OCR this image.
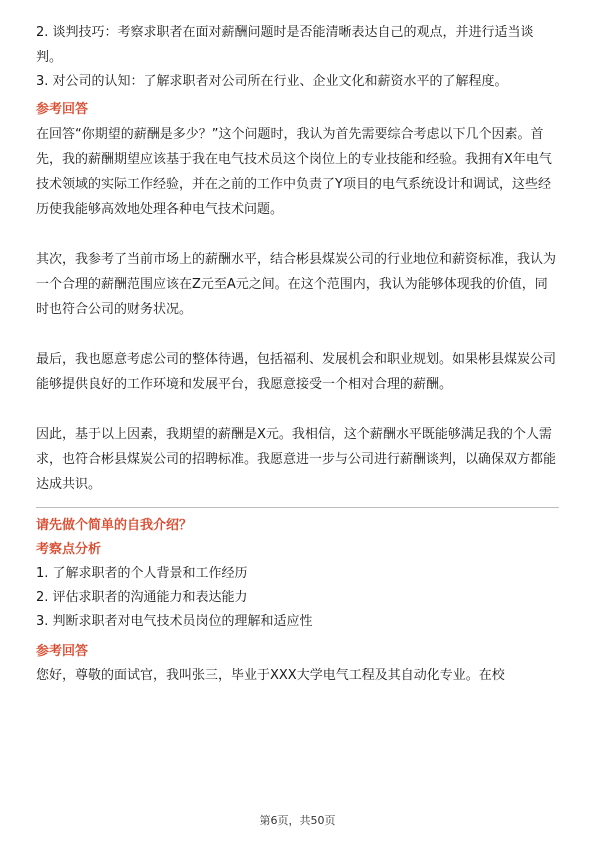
2. 谈判技巧：考察求职者在面对薪酬问题时是否能清晰表达自己的观点，并进行适当谈判。

3. 对公司的认知：了解求职者对公司所在行业、企业文化和薪资水平的了解程度。

参考回答

在回答“你期望的薪酬是多少？”这个问题时，我认为首先需要综合考虑以下几个因素。首先，我的薪酬期望应该基于我在电气技术员这个岗位上的专业技能和经验。我拥有X年电气技术领域的实际工作经验，并在之前的工作中负责了Y项目的电气系统设计和调试，这些经历使我能够高效地处理各种电气技术问题。

其次，我参考了当前市场上的薪酬水平，结合彬县煤炭公司的行业地位和薪资标准，我认为一个合理的薪酬范围应该在Z元至A元之间。在这个范围内，我认为能够体现我的价值，同时也符合公司的财务状况。

最后，我也愿意考虑公司的整体待遇，包括福利、发展机会和职业规划。如果彬县煤炭公司能够提供良好的工作环境和发展平台，我愿意接受一个相对合理的薪酬。

因此，基于以上因素，我期望的薪酬是X元。我相信，这个薪酬水平既能够满足我的个人需求，也符合彬县煤炭公司的招聘标准。我愿意进一步与公司进行薪酬谈判，以确保双方都能达成共识。

请先做个简单的自我介绍？

考察点分析

1. 了解求职者的个人背景和工作经历

2. 评估求职者的沟通能力和表达能力

3. 判断求职者对电气技术员岗位的理解和适应性

参考回答

您好，尊敬的面试官，我叫张三，毕业于XXX大学电气工程及其自动化专业。在校

第6页，共50页
